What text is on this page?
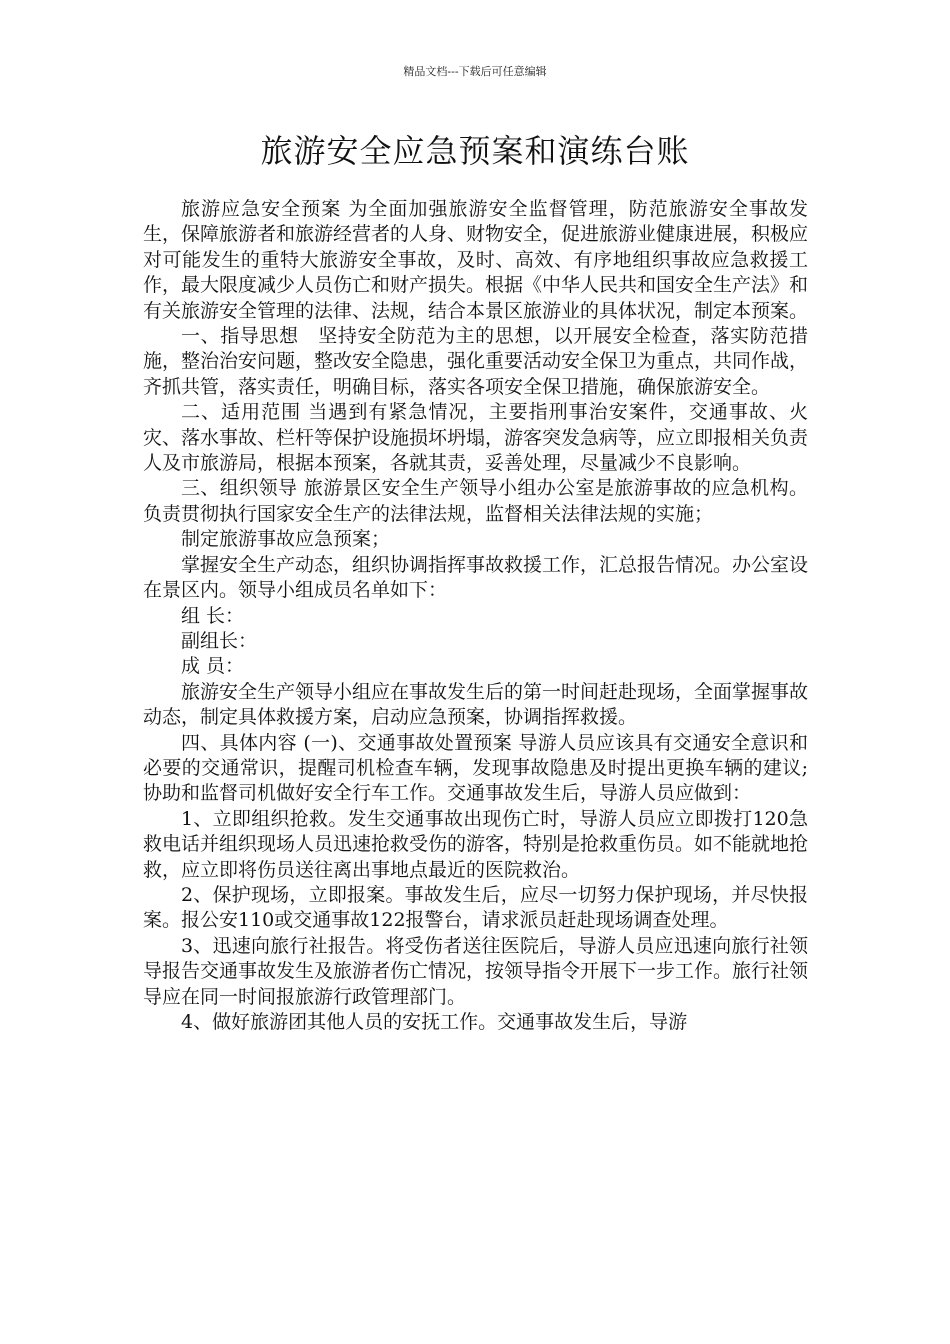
精品文档---下载后可任意编辑
旅游安全应急预案和演练台账

旅游应急安全预案 为全面加强旅游安全监督管理，防范旅游安全事故发生，保障旅游者和旅游经营者的人身、财物安全，促进旅游业健康进展，积极应对可能发生的重特大旅游安全事故，及时、高效、有序地组织事故应急救援工作，最大限度减少人员伤亡和财产损失。根据《中华人民共和国安全生产法》和有关旅游安全管理的法律、法规，结合本景区旅游业的具体状况，制定本预案。

一、指导思想　坚持安全防范为主的思想，以开展安全检查，落实防范措施，整治治安问题，整改安全隐患，强化重要活动安全保卫为重点，共同作战，齐抓共管，落实责任，明确目标，落实各项安全保卫措施，确保旅游安全。

二、适用范围 当遇到有紧急情况，主要指刑事治安案件，交通事故、火灾、落水事故、栏杆等保护设施损坏坍塌，游客突发急病等，应立即报相关负责人及市旅游局，根据本预案，各就其责，妥善处理，尽量减少不良影响。

三、组织领导 旅游景区安全生产领导小组办公室是旅游事故的应急机构。负责贯彻执行国家安全生产的法律法规，监督相关法律法规的实施；

制定旅游事故应急预案；

掌握安全生产动态，组织协调指挥事故救援工作，汇总报告情况。办公室设在景区内。领导小组成员名单如下：

组 长：

副组长：

成 员：

旅游安全生产领导小组应在事故发生后的第一时间赶赴现场，全面掌握事故动态，制定具体救援方案，启动应急预案，协调指挥救援。

四、具体内容 (一)、交通事故处置预案 导游人员应该具有交通安全意识和必要的交通常识，提醒司机检查车辆，发现事故隐患及时提出更换车辆的建议;协助和监督司机做好安全行车工作。交通事故发生后，导游人员应做到：

1、立即组织抢救。发生交通事故出现伤亡时，导游人员应立即拨打120急救电话并组织现场人员迅速抢救受伤的游客，特别是抢救重伤员。如不能就地抢救，应立即将伤员送往离出事地点最近的医院救治。

2、保护现场，立即报案。事故发生后，应尽一切努力保护现场，并尽快报案。报公安110或交通事故122报警台，请求派员赶赴现场调查处理。

3、迅速向旅行社报告。将受伤者送往医院后，导游人员应迅速向旅行社领导报告交通事故发生及旅游者伤亡情况，按领导指令开展下一步工作。旅行社领导应在同一时间报旅游行政管理部门。

4、做好旅游团其他人员的安抚工作。交通事故发生后，导游
